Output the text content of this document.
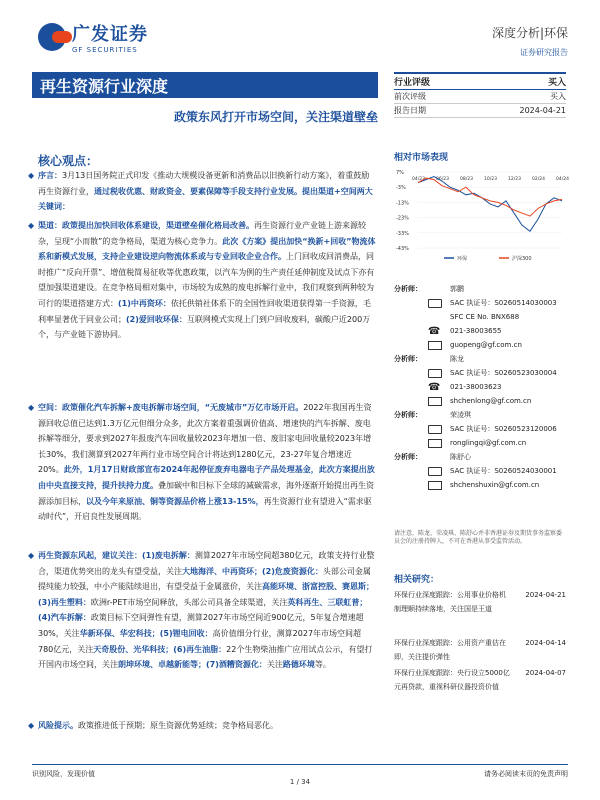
广发证券
GF SECURITIES
深度分析|环保
证券研究报告
再生资源行业深度
政策东风打开市场空间，关注渠道壁垒
核心观点：
◆ 序言：3月13日国务院正式印发《推动大规模设备更新和消费品以旧换新行动方案》，着重鼓励再生资源行业，通过税收优惠、财政资金、要素保障等手段支持行业发展。提出渠道+空间两大关键词：
◆ 渠道：政策提出加快回收体系建设，渠道壁垒催化格局改善。再生资源行业产业链上游来源较杂，呈现“小而散”的竞争格局，渠道为核心竞争力。此次《方案》提出加快“换新+回收”物流体系和新模式发展，支持企业建设逆向物流体系或与专业回收企业合作。上门回收成回消费品，同时推广“反向开票”、增值税简易征收等优惠政策，以汽车为例的生产责任延伸制度及试点下亦有望加强渠道建设。在竞争格局相对集中，市场较为成熟的废电拆解行业中，我们观察到两种较为可行的渠道搭建方式：(1)中再资环：依托供销社体系下的全国性回收渠道获得第一手资源，毛利率显著优于同业公司；(2)爱回收环保：互联网模式实现上门到户回收废料，碳酸户近200万个，与产业链下游协同。
◆ 空间：政策催化汽车拆解+废电拆解市场空间，“无废城市”万亿市场开启。2022年我国再生资源回收总值已达到1.3万亿元但细分众多，此次方案着重强调价值高、增速快的汽车拆解、废电拆解等细分，要求到2027年报废汽车回收量较2023年增加一倍、废旧家电回收量较2023年增长30%，我们测算到2027年两行业市场空间合计将达到1280亿元，23-27年复合增速近20%。此外，1月17日财政部宣布2024年起停征废弃电器电子产品处理基金，此次方案提出放由中央直接支持，提升扶持力度。叠加碳中和目标下全球的减碳需求，海外逐渐开始提出再生资源添加目标，以及今年来原油、铜等资源品价格上涨13-15%，再生资源行业有望进入“需求驱动时代”，开启良性发展周期。
◆ 再生资源东风起，建议关注：(1)废电拆解：测算2027年市场空间超380亿元，政策支持行业整合，渠道优势突出的龙头有望受益，关注大地海洋、中再资环；(2)危废资源化：头部公司金属提纯能力较强，中小产能陆续退出，有望受益于金属涨价，关注高能环境、浙富控股、赛恩斯；(3)再生塑料：欧洲r-PET市场空间释放，头部公司具备全球渠道，关注英科再生、三联虹普；(4)汽车拆解：政策目标下空间弹性有望，测算2027年市场空间近900亿元，5年复合增速超30%，关注华新环保、华宏科技；(5)锂电回收：高价值细分行业，测算2027年市场空间超780亿元，关注天奇股份、光华科技；(6)再生油脂：22个生物柴油推广应用试点公示，有望打开国内市场空间，关注朗坤环境、卓越新能等；(7)酒糟资源化：关注路德环境等。
◆ 风险提示。政策推进低于预期；原生资源优势延续；竞争格局恶化。
行业评级	买入
前次评级	买入
报告日期	2024-04-21
相对市场表现
7%
-3%
-13%
-23%
-33%
-43%
04/23 06/23 08/23 10/23 12/23 02/24 04/24
环保	沪深300
分析师：	郭鹏
SAC 执证号：S0260514030003
SFC CE No. BNX688
☎ 021-38003655
guopeng@gf.com.cn
分析师：	陈龙
SAC 执证号：S0260523030004
☎ 021-38003623
shchenlong@gf.com.cn
分析师：	荣凌琪
SAC 执证号：S0260523120006
ronglingqi@gf.com.cn
分析师：	陈舒心
SAC 执证号：S0260524030001
shchenshuxin@gf.com.cn
请注意，陈龙、荣凌琪、陈舒心并非香港证券及期货事务监察委员会的注册持牌人，不可在香港从事受监管活动。
相关研究：
环保行业深度跟踪：公用事业价格机制理顺持续落地，关注国是王道
2024-04-21
环保行业深度跟踪：公用资产重估在即，关注提价弹性
2024-04-14
环保行业深度跟踪：央行设立5000亿元再贷款，重视科研仪器投资价值
2024-04-07
识别风险，发现价值	请务必阅读末页的免责声明
1 / 34
